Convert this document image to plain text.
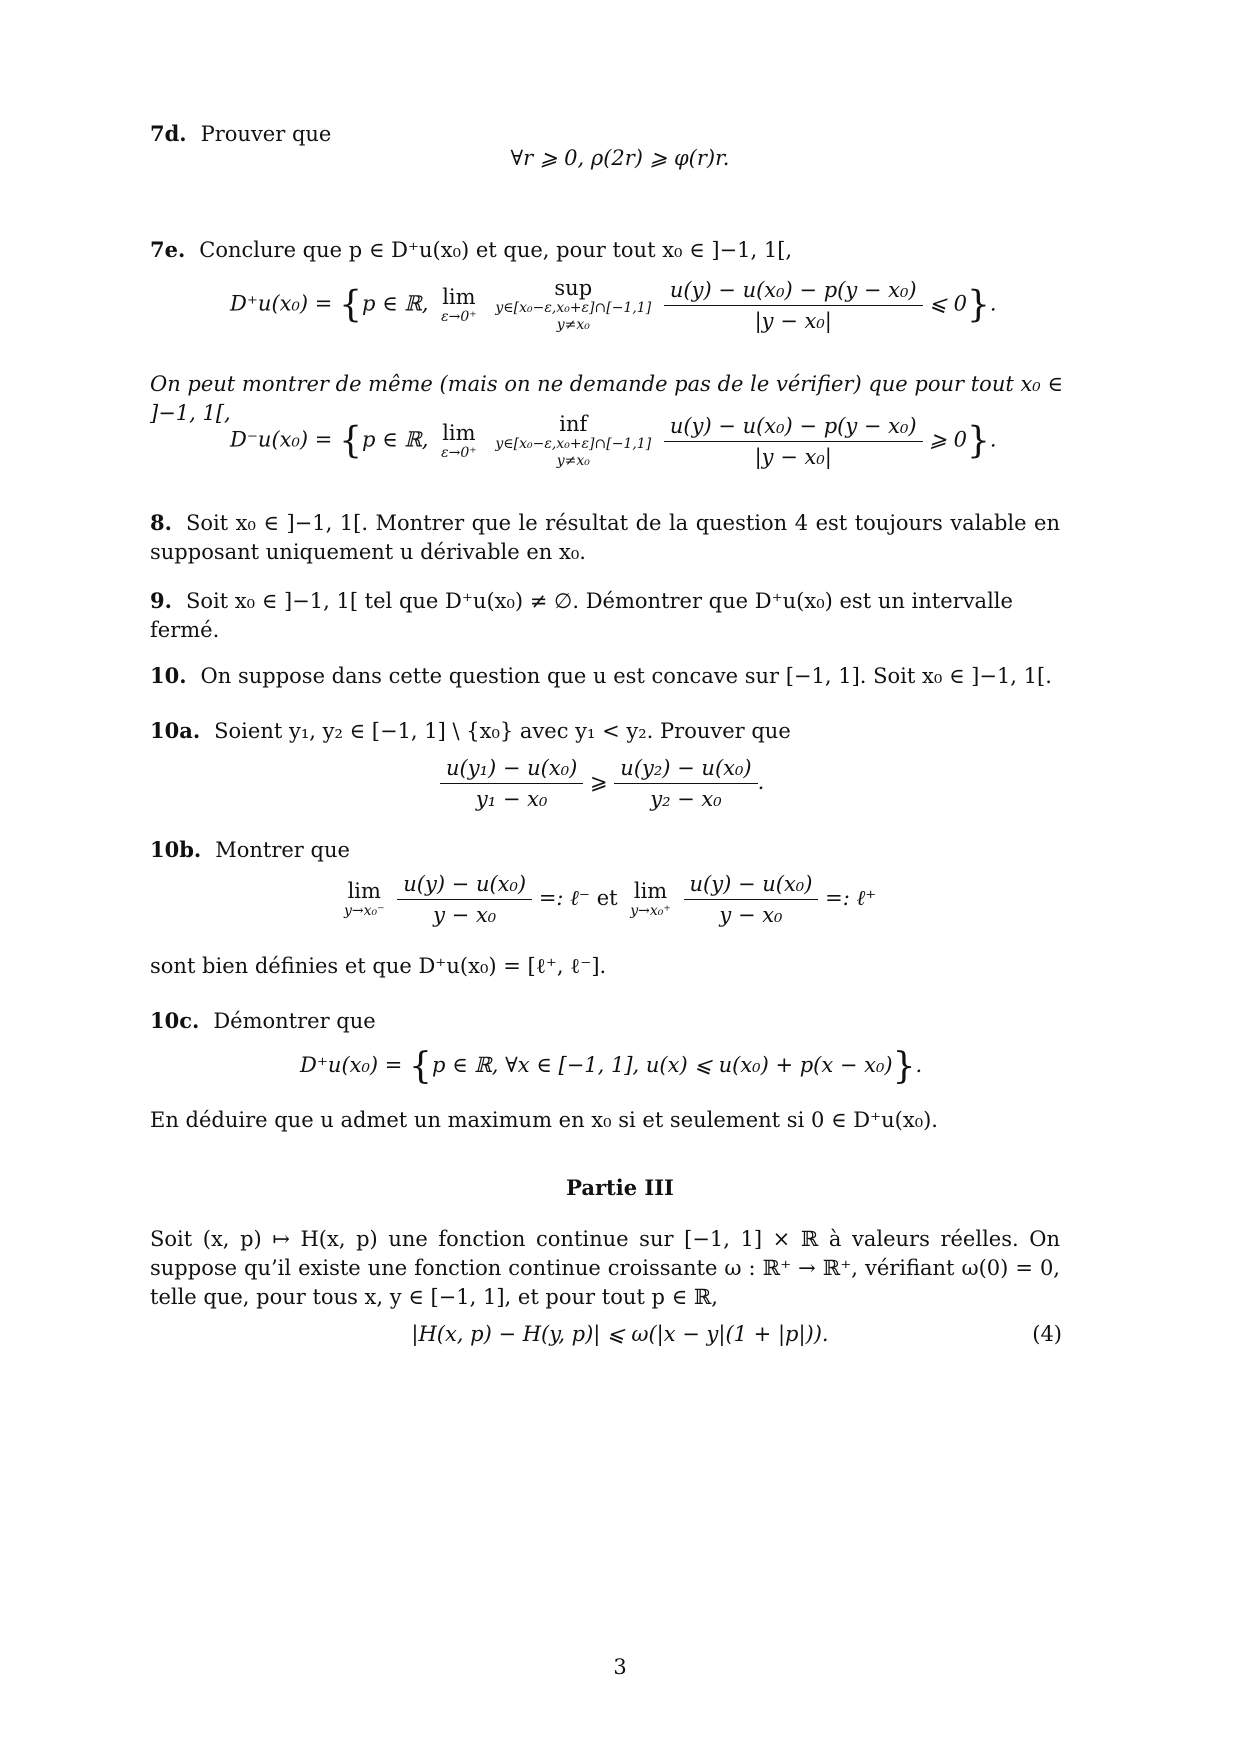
7d. Prouver que
∀r ⩾ 0, ρ(2r) ⩾ φ(r)r.
7e. Conclure que p ∈ D⁺u(x₀) et que, pour tout x₀ ∈ ]−1, 1[,
D⁺u(x₀) = {p ∈ ℝ, lim
ε→0⁺

sup
y∈[x₀−ε,x₀+ε]∩[−1,1]
y≠x₀
	$\frac{\text{u(y) − u(x₀) − p(y − x₀)}}{\text{|y − x₀|}}$ ⩽ 0}.
On peut montrer de même (mais on ne demande pas de le vérifier) que pour tout x₀ ∈ ]−1, 1[,
D⁻u(x₀) = {p ∈ ℝ, lim
ε→0⁺

inf
y∈[x₀−ε,x₀+ε]∩[−1,1]
y≠x₀
	$\frac{\text{u(y) − u(x₀) − p(y − x₀)}}{\text{|y − x₀|}}$ ⩾ 0}.
8. Soit x₀ ∈ ]−1, 1[. Montrer que le résultat de la question 4 est toujours valable en supposant uniquement u dérivable en x₀.
9. Soit x₀ ∈ ]−1, 1[ tel que D⁺u(x₀) ≠ ∅. Démontrer que D⁺u(x₀) est un intervalle fermé.
10. On suppose dans cette question que u est concave sur [−1, 1]. Soit x₀ ∈ ]−1, 1[.
10a. Soient y₁, y₂ ∈ [−1, 1] \ {x₀} avec y₁ < y₂. Prouver que
$\frac{\text{u(y₁) − u(x₀)}}{\text{y₁ − x₀}}$ ⩾ $\frac{\text{u(y₂) − u(x₀)}}{\text{y₂ − x₀}}$ .
10b. Montrer que
lim
y→x₀⁻
$\frac{\text{u(y) − u(x₀)}}{\text{y − x₀}}$ =: ℓ⁻ et lim
y→x₀⁺
$\frac{\text{u(y) − u(x₀)}}{\text{y − x₀}}$ =: ℓ⁺
sont bien définies et que D⁺u(x₀) = [ℓ⁺, ℓ⁻].
10c. Démontrer que
D⁺u(x₀) = {p ∈ ℝ, ∀x ∈ [−1, 1], u(x) ⩽ u(x₀) + p(x − x₀)}.
En déduire que u admet un maximum en x₀ si et seulement si 0 ∈ D⁺u(x₀).
Partie III
Soit (x, p) ↦ H(x, p) une fonction continue sur [−1, 1] × ℝ à valeurs réelles. On suppose qu’il existe une fonction continue croissante ω : ℝ⁺ → ℝ⁺, vérifiant ω(0) = 0, telle que, pour tous x, y ∈ [−1, 1], et pour tout p ∈ ℝ,
|H(x, p) − H(y, p)| ⩽ ω(|x − y|(1 + |p|)).	(4)
3
